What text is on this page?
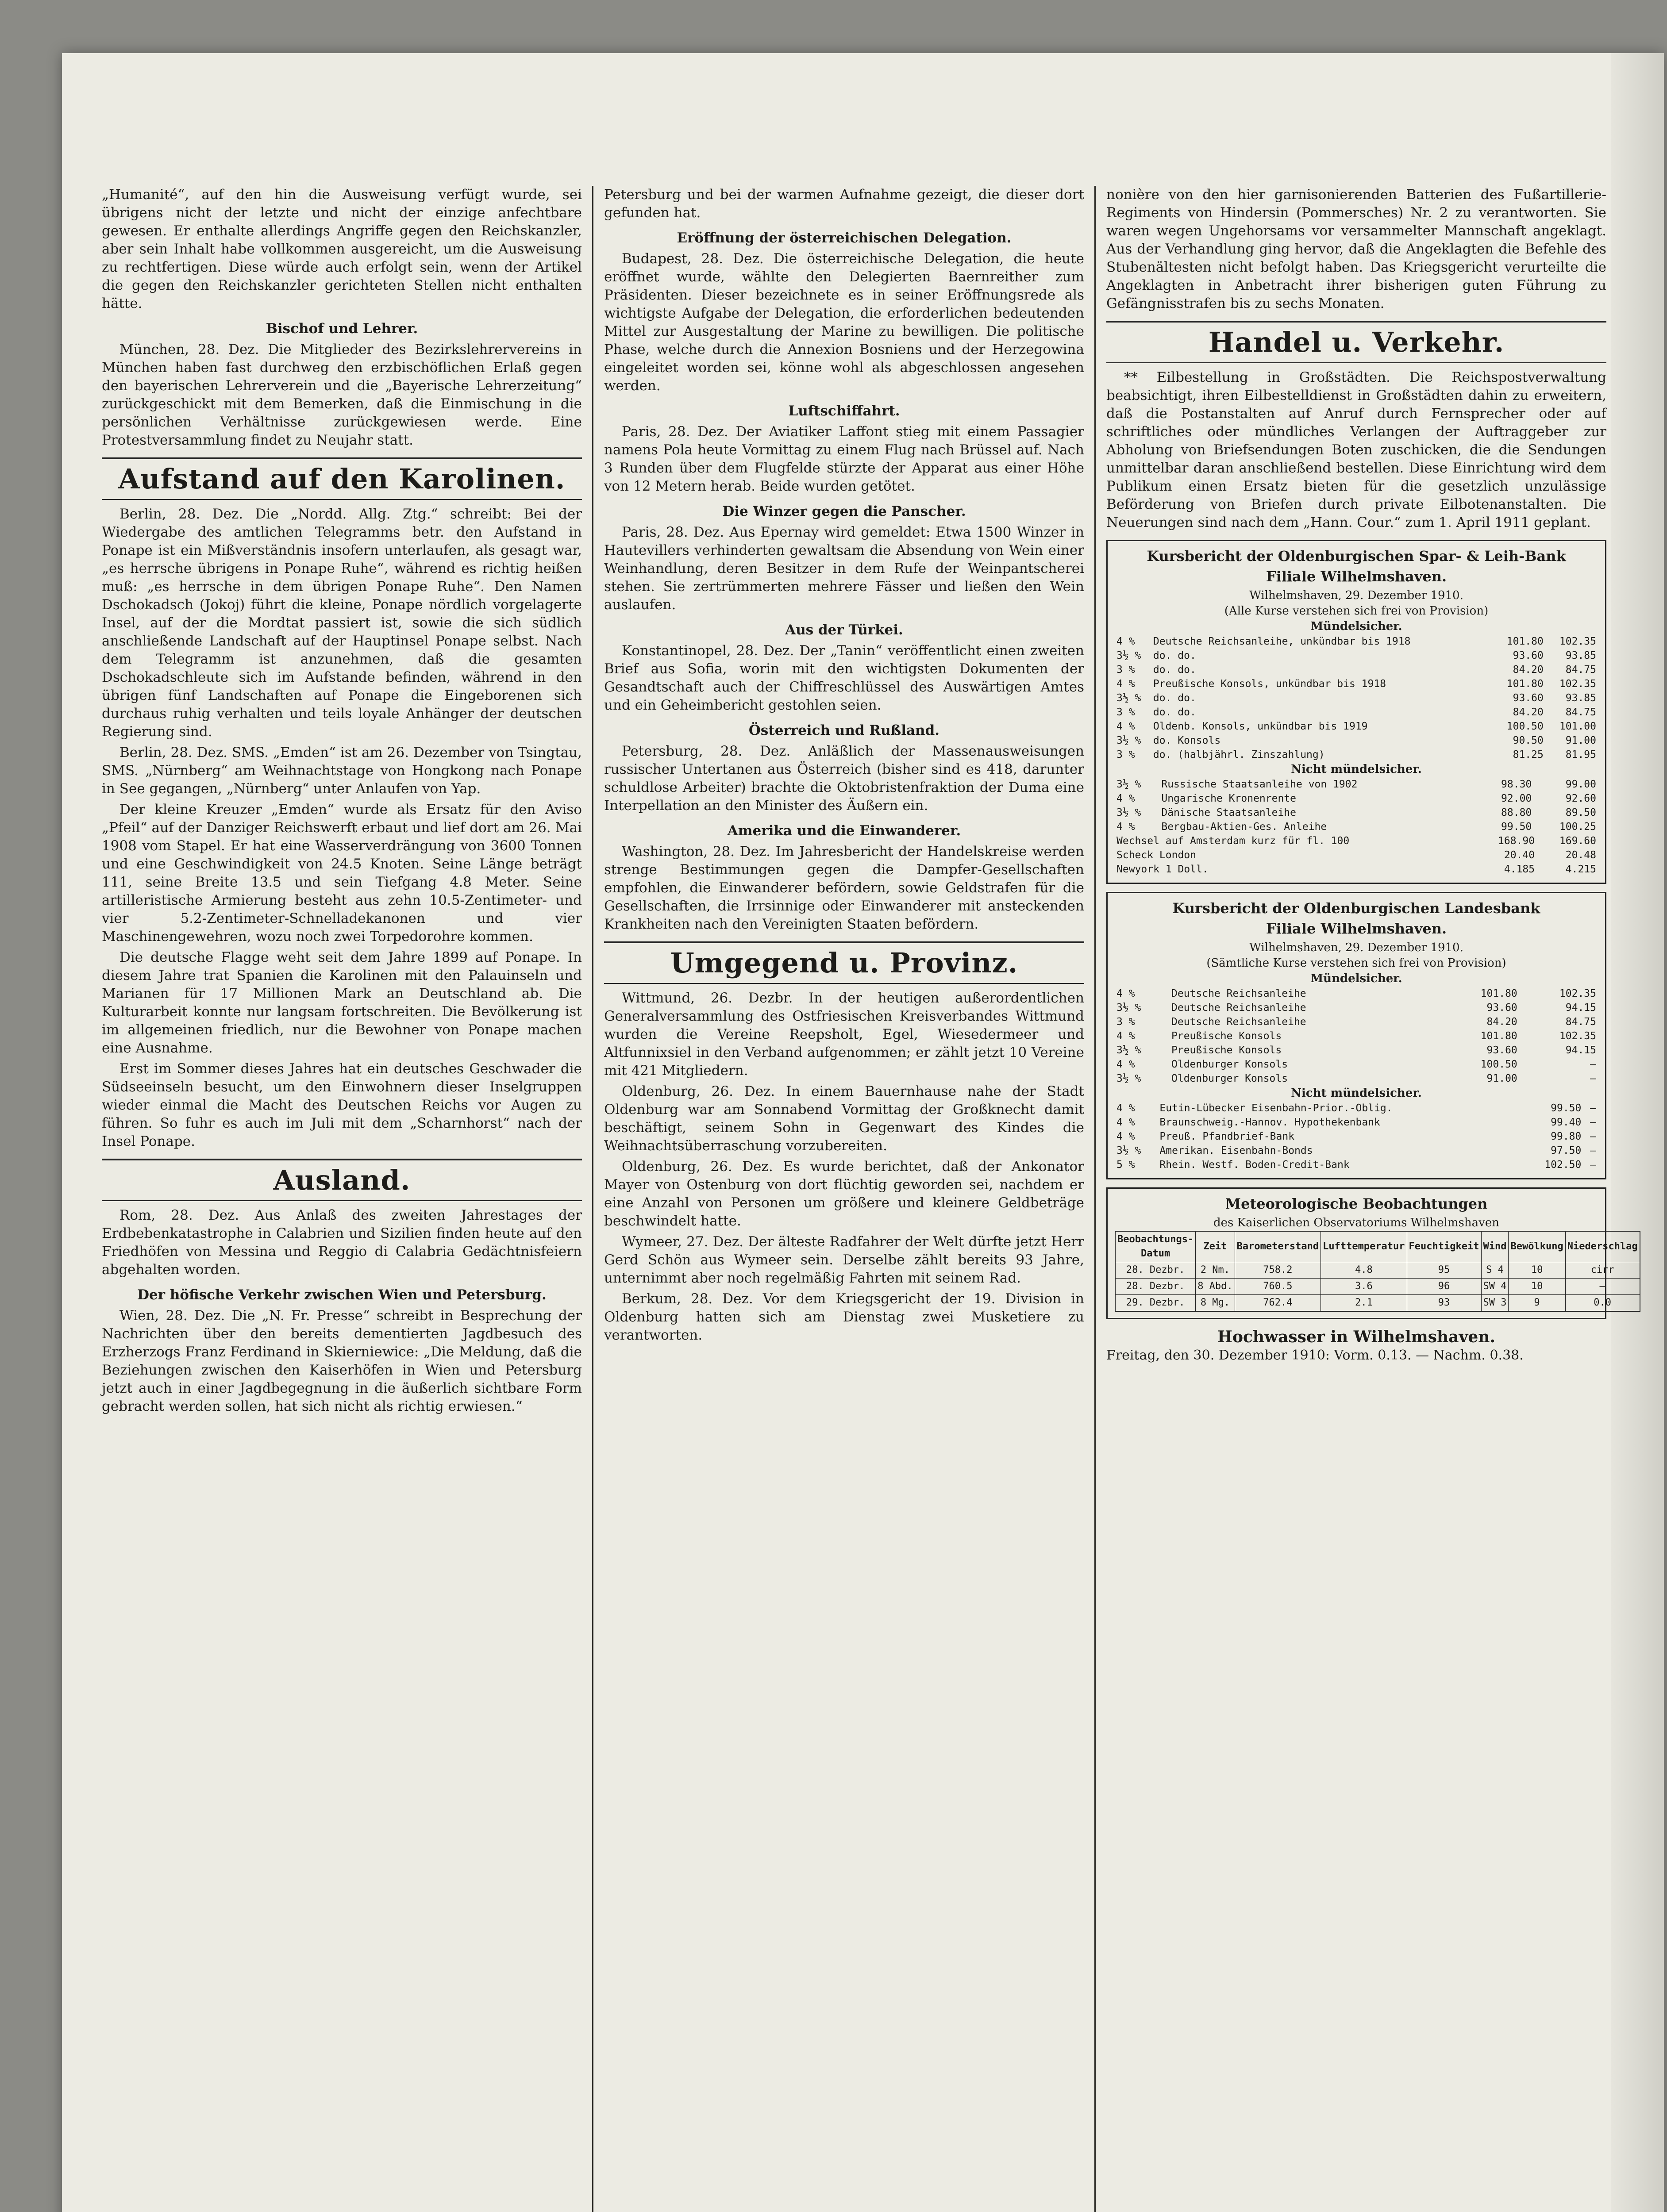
„Humanité“, auf den hin die Ausweisung verfügt wurde, sei übrigens nicht der letzte und nicht der einzige anfechtbare gewesen. Er enthalte allerdings Angriffe gegen den Reichskanzler, aber sein Inhalt habe vollkommen ausgereicht, um die Ausweisung zu rechtfertigen. Diese würde auch erfolgt sein, wenn der Artikel die gegen den Reichskanzler gerichteten Stellen nicht enthalten hätte.

Bischof und Lehrer.

München, 28. Dez. Die Mitglieder des Bezirkslehrervereins in München haben fast durchweg den erzbischöflichen Erlaß gegen den bayerischen Lehrerverein und die „Bayerische Lehrerzeitung“ zurückgeschickt mit dem Bemerken, daß die Einmischung in die persönlichen Verhältnisse zurückgewiesen werde. Eine Protestversammlung findet zu Neujahr statt.

Aufstand auf den Karolinen.

Berlin, 28. Dez. Die „Nordd. Allg. Ztg.“ schreibt: Bei der Wiedergabe des amtlichen Telegramms betr. den Aufstand in Ponape ist ein Mißverständnis insofern unterlaufen, als gesagt war, „es herrsche übrigens in Ponape Ruhe“, während es richtig heißen muß: „es herrsche in dem übrigen Ponape Ruhe“. Den Namen Dschokadsch (Jokoj) führt die kleine, Ponape nördlich vorgelagerte Insel, auf der die Mordtat passiert ist, sowie die sich südlich anschließende Landschaft auf der Hauptinsel Ponape selbst. Nach dem Telegramm ist anzunehmen, daß die gesamten Dschokadschleute sich im Aufstande befinden, während in den übrigen fünf Landschaften auf Ponape die Eingeborenen sich durchaus ruhig verhalten und teils loyale Anhänger der deutschen Regierung sind.

Berlin, 28. Dez. SMS. „Emden“ ist am 26. Dezember von Tsingtau, SMS. „Nürnberg“ am Weihnachtstage von Hongkong nach Ponape in See gegangen, „Nürnberg“ unter Anlaufen von Yap.

Der kleine Kreuzer „Emden“ wurde als Ersatz für den Aviso „Pfeil“ auf der Danziger Reichswerft erbaut und lief dort am 26. Mai 1908 vom Stapel. Er hat eine Wasserverdrängung von 3600 Tonnen und eine Geschwindigkeit von 24.5 Knoten. Seine Länge beträgt 111, seine Breite 13.5 und sein Tiefgang 4.8 Meter. Seine artilleristische Armierung besteht aus zehn 10.5-Zentimeter- und vier 5.2-Zentimeter-Schnelladekanonen und vier Maschinengewehren, wozu noch zwei Torpedorohre kommen.

Die deutsche Flagge weht seit dem Jahre 1899 auf Ponape. In diesem Jahre trat Spanien die Karolinen mit den Palauinseln und Marianen für 17 Millionen Mark an Deutschland ab. Die Kulturarbeit konnte nur langsam fortschreiten. Die Bevölkerung ist im allgemeinen friedlich, nur die Bewohner von Ponape machen eine Ausnahme.

Erst im Sommer dieses Jahres hat ein deutsches Geschwader die Südseeinseln besucht, um den Einwohnern dieser Inselgruppen wieder einmal die Macht des Deutschen Reichs vor Augen zu führen. So fuhr es auch im Juli mit dem „Scharnhorst“ nach der Insel Ponape.

Ausland.

Rom, 28. Dez. Aus Anlaß des zweiten Jahrestages der Erdbebenkatastrophe in Calabrien und Sizilien finden heute auf den Friedhöfen von Messina und Reggio di Calabria Gedächtnisfeiern abgehalten worden.

Der höfische Verkehr zwischen Wien und Petersburg.

Wien, 28. Dez. Die „N. Fr. Presse“ schreibt in Besprechung der Nachrichten über den bereits dementierten Jagdbesuch des Erzherzogs Franz Ferdinand in Skierniewice: „Die Meldung, daß die Beziehungen zwischen den Kaiserhöfen in Wien und Petersburg jetzt auch in einer Jagdbegegnung in die äußerlich sichtbare Form gebracht werden sollen, hat sich nicht als richtig erwiesen.“

Petersburg und bei der warmen Aufnahme gezeigt, die dieser dort gefunden hat.

Eröffnung der österreichischen Delegation.

Budapest, 28. Dez. Die österreichische Delegation, die heute eröffnet wurde, wählte den Delegierten Baernreither zum Präsidenten. Dieser bezeichnete es in seiner Eröffnungsrede als wichtigste Aufgabe der Delegation, die erforderlichen bedeutenden Mittel zur Ausgestaltung der Marine zu bewilligen. Die politische Phase, welche durch die Annexion Bosniens und der Herzegowina eingeleitet worden sei, könne wohl als abgeschlossen angesehen werden.

Luftschiffahrt.

Paris, 28. Dez. Der Aviatiker Laffont stieg mit einem Passagier namens Pola heute Vormittag zu einem Flug nach Brüssel auf. Nach 3 Runden über dem Flugfelde stürzte der Apparat aus einer Höhe von 12 Metern herab. Beide wurden getötet.

Die Winzer gegen die Panscher.

Paris, 28. Dez. Aus Epernay wird gemeldet: Etwa 1500 Winzer in Hautevillers verhinderten gewaltsam die Absendung von Wein einer Weinhandlung, deren Besitzer in dem Rufe der Weinpantscherei stehen. Sie zertrümmerten mehrere Fässer und ließen den Wein auslaufen.

Aus der Türkei.

Konstantinopel, 28. Dez. Der „Tanin“ veröffentlicht einen zweiten Brief aus Sofia, worin mit den wichtigsten Dokumenten der Gesandtschaft auch der Chiffreschlüssel des Auswärtigen Amtes und ein Geheimbericht gestohlen seien.

Österreich und Rußland.

Petersburg, 28. Dez. Anläßlich der Massenausweisungen russischer Untertanen aus Österreich (bisher sind es 418, darunter schuldlose Arbeiter) brachte die Oktobristenfraktion der Duma eine Interpellation an den Minister des Äußern ein.

Amerika und die Einwanderer.

Washington, 28. Dez. Im Jahresbericht der Handelskreise werden strenge Bestimmungen gegen die Dampfer-Gesellschaften empfohlen, die Einwanderer befördern, sowie Geldstrafen für die Gesellschaften, die Irrsinnige oder Einwanderer mit ansteckenden Krankheiten nach den Vereinigten Staaten befördern.

Umgegend u. Provinz.

Wittmund, 26. Dezbr. In der heutigen außerordentlichen Generalversammlung des Ostfriesischen Kreisverbandes Wittmund wurden die Vereine Reepsholt, Egel, Wiesedermeer und Altfunnixsiel in den Verband aufgenommen; er zählt jetzt 10 Vereine mit 421 Mitgliedern.

Oldenburg, 26. Dez. In einem Bauernhause nahe der Stadt Oldenburg war am Sonnabend Vormittag der Großknecht damit beschäftigt, seinem Sohn in Gegenwart des Kindes die Weihnachtsüberraschung vorzubereiten.

Oldenburg, 26. Dez. Es wurde berichtet, daß der Ankonator Mayer von Ostenburg von dort flüchtig geworden sei, nachdem er eine Anzahl von Personen um größere und kleinere Geldbeträge beschwindelt hatte.

Wymeer, 27. Dez. Der älteste Radfahrer der Welt dürfte jetzt Herr Gerd Schön aus Wymeer sein. Derselbe zählt bereits 93 Jahre, unternimmt aber noch regelmäßig Fahrten mit seinem Rad.

Berkum, 28. Dez. Vor dem Kriegsgericht der 19. Division in Oldenburg hatten sich am Dienstag zwei Musketiere zu verantworten.

nonière von den hier garnisonierenden Batterien des Fußartillerie-Regiments von Hindersin (Pommersches) Nr. 2 zu verantworten. Sie waren wegen Ungehorsams vor versammelter Mannschaft angeklagt. Aus der Verhandlung ging hervor, daß die Angeklagten die Befehle des Stubenältesten nicht befolgt haben. Das Kriegsgericht verurteilte die Angeklagten in Anbetracht ihrer bisherigen guten Führung zu Gefängnisstrafen bis zu sechs Monaten.

Handel u. Verkehr.

** Eilbestellung in Großstädten. Die Reichspostverwaltung beabsichtigt, ihren Eilbestelldienst in Großstädten dahin zu erweitern, daß die Postanstalten auf Anruf durch Fernsprecher oder auf schriftliches oder mündliches Verlangen der Auftraggeber zur Abholung von Briefsendungen Boten zuschicken, die die Sendungen unmittelbar daran anschließend bestellen. Diese Einrichtung wird dem Publikum einen Ersatz bieten für die gesetzlich unzulässige Beförderung von Briefen durch private Eilbotenanstalten. Die Neuerungen sind nach dem „Hann. Cour.“ zum 1. April 1911 geplant.

Kursbericht der Oldenburgischen Spar- & Leih-Bank
Filiale Wilhelmshaven.
Wilhelmshaven, 29. Dezember 1910.
(Alle Kurse verstehen sich frei von Provision)
Mündelsicher.
4 %	Deutsche Reichsanleihe, unkündbar bis 1918	101.80	102.35
3½ %	do. do.	93.60	93.85
3 %	do. do.	84.20	84.75
4 %	Preußische Konsols, unkündbar bis 1918	101.80	102.35
3½ %	do. do.	93.60	93.85
3 %	do. do.	84.20	84.75
4 %	Oldenb. Konsols, unkündbar bis 1919	100.50	101.00
3½ %	do. Konsols	90.50	91.00
3 %	do. (halbjährl. Zinszahlung)	81.25	81.95
Nicht mündelsicher.
3½ %	Russische Staatsanleihe von 1902	98.30	99.00
4 %	Ungarische Kronenrente	92.00	92.60
3½ %	Dänische Staatsanleihe	88.80	89.50
4 %	Bergbau-Aktien-Ges. Anleihe	99.50	100.25
Wechsel auf Amsterdam kurz für fl. 100	168.90	169.60
Scheck London	20.40	20.48
Newyork 1 Doll.	4.185	4.215
Kursbericht der Oldenburgischen Landesbank
Filiale Wilhelmshaven.
Wilhelmshaven, 29. Dezember 1910.
(Sämtliche Kurse verstehen sich frei von Provision)
Mündelsicher.
4 %	Deutsche Reichsanleihe	101.80	102.35
3½ %	Deutsche Reichsanleihe	93.60	94.15
3 %	Deutsche Reichsanleihe	84.20	84.75
4 %	Preußische Konsols	101.80	102.35
3½ %	Preußische Konsols	93.60	94.15
4 %	Oldenburger Konsols	100.50	—
3½ %	Oldenburger Konsols	91.00	—
Nicht mündelsicher.
4 %	Eutin-Lübecker Eisenbahn-Prior.-Oblig.	99.50	—
4 %	Braunschweig.-Hannov. Hypothekenbank	99.40	—
4 %	Preuß. Pfandbrief-Bank	99.80	—
3½ %	Amerikan. Eisenbahn-Bonds	97.50	—
5 %	Rhein. Westf. Boden-Credit-Bank	102.50	—
Meteorologische Beobachtungen
des Kaiserlichen Observatoriums Wilhelmshaven
Beobachtungs-Datum	Zeit	Barometerstand	Lufttemperatur	Feuchtigkeit	Wind	Bewölkung	Niederschlag
28. Dezbr.	2 Nm.	758.2	4.8	95	S 4	10	cirr
28. Dezbr.	8 Abd.	760.5	3.6	96	SW 4	10	—
29. Dezbr.	8 Mg.	762.4	2.1	93	SW 3	9	0.0
Hochwasser in Wilhelmshaven.
Freitag, den 30. Dezember 1910: Vorm. 0.13. — Nachm. 0.38.
